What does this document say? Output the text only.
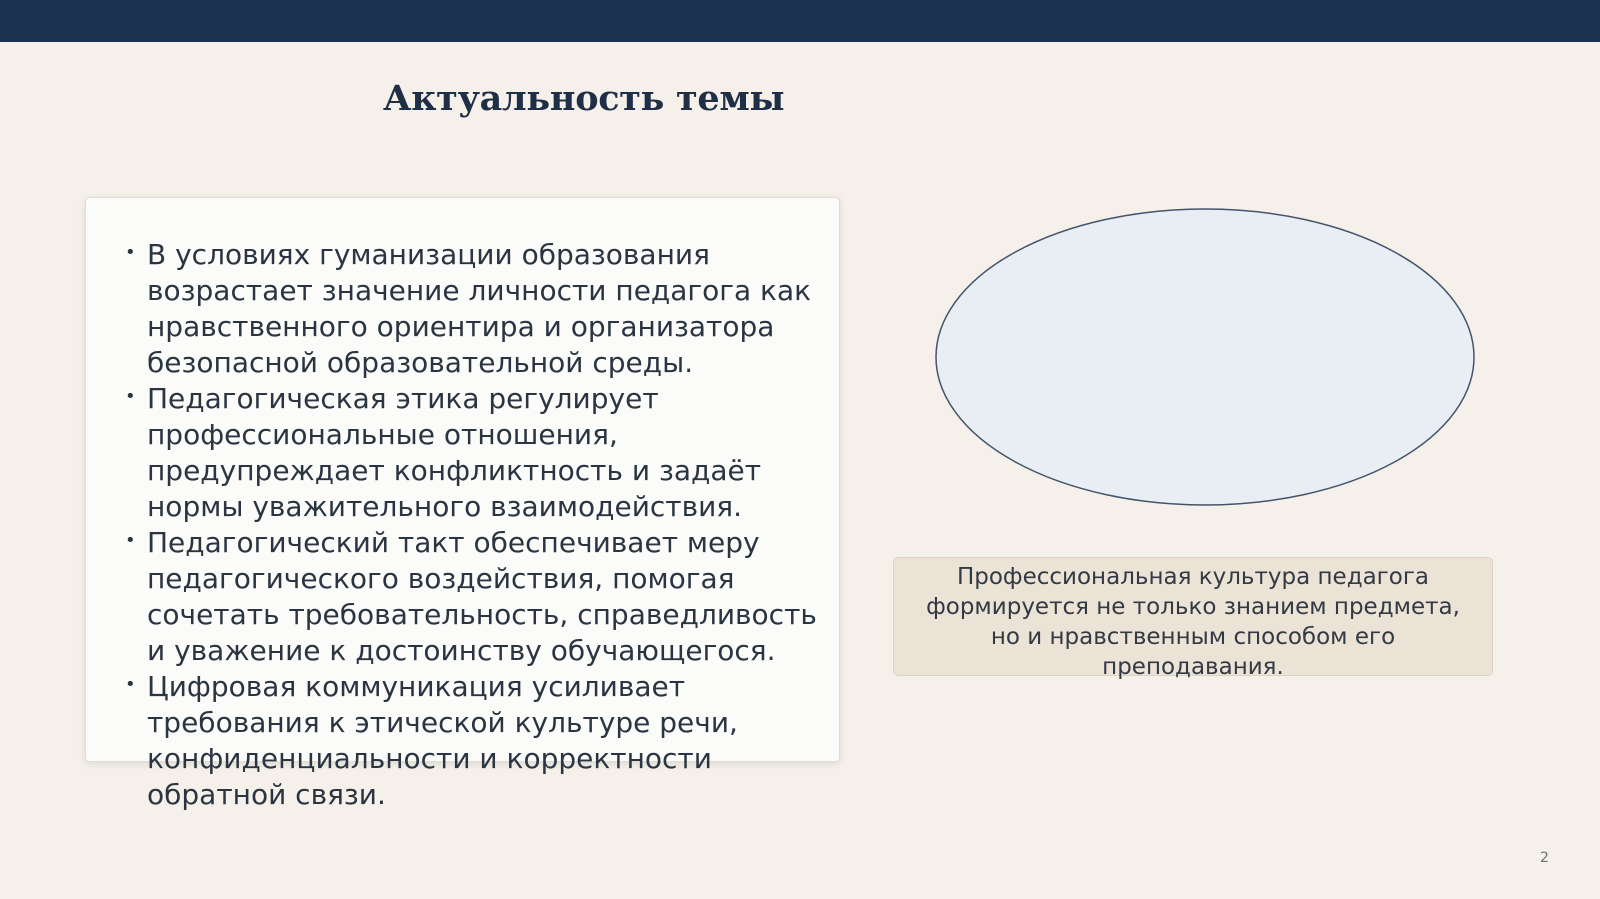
Актуальность темы
• В условиях гуманизации образования возрастает значение личности педагога как нравственного ориентира и организатора безопасной образовательной среды.
• Педагогическая этика регулирует профессиональные отношения, предупреждает конфликтность и задаёт нормы уважительного взаимодействия.
• Педагогический такт обеспечивает меру педагогического воздействия, помогая сочетать требовательность, справедливость и уважение к достоинству обучающегося.
• Цифровая коммуникация усиливает требования к этической культуре речи, конфиденциальности и корректности обратной связи.
Профессиональная культура педагога формируется не только знанием предмета, но и нравственным способом его преподавания.
2
